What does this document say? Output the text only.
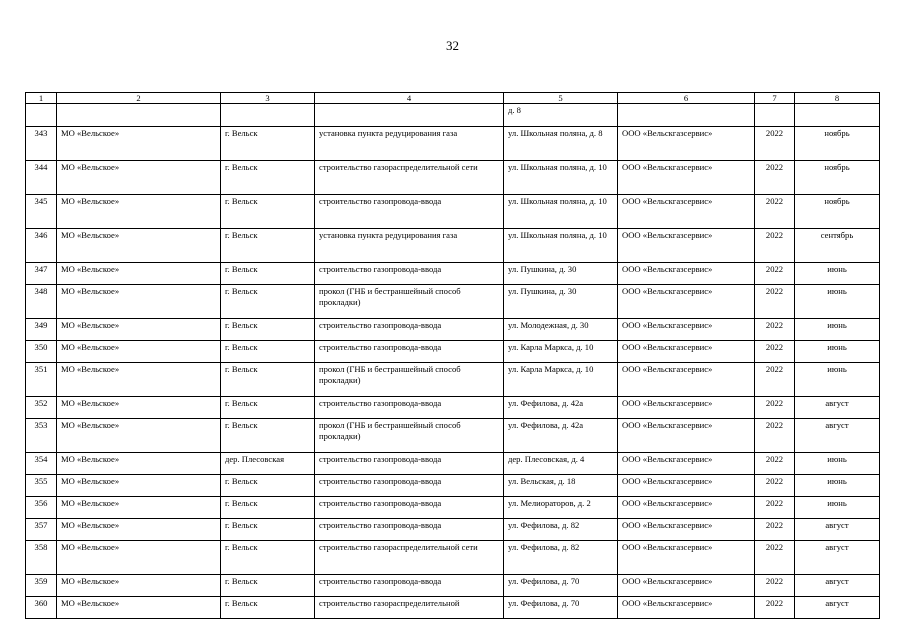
32
1	2	3	4	5	6	7	8
				д. 8			
343	МО «Вельское»	г. Вельск	установка пункта редуцирования газа	ул. Школьная поляна, д. 8	ООО «Вельскгазсервис»	2022	ноябрь
344	МО «Вельское»	г. Вельск	строительство газораспределительной сети	ул. Школьная поляна, д. 10	ООО «Вельскгазсервис»	2022	ноябрь
345	МО «Вельское»	г. Вельск	строительство газопровода-ввода	ул. Школьная поляна, д. 10	ООО «Вельскгазсервис»	2022	ноябрь
346	МО «Вельское»	г. Вельск	установка пункта редуцирования газа	ул. Школьная поляна, д. 10	ООО «Вельскгазсервис»	2022	сентябрь
347	МО «Вельское»	г. Вельск	строительство газопровода-ввода	ул. Пушкина, д. 30	ООО «Вельскгазсервис»	2022	июнь
348	МО «Вельское»	г. Вельск	прокол (ГНБ и бестраншейный способ прокладки)	ул. Пушкина, д. 30	ООО «Вельскгазсервис»	2022	июнь
349	МО «Вельское»	г. Вельск	строительство газопровода-ввода	ул. Молодежная, д. 30	ООО «Вельскгазсервис»	2022	июнь
350	МО «Вельское»	г. Вельск	строительство газопровода-ввода	ул. Карла Маркса, д. 10	ООО «Вельскгазсервис»	2022	июнь
351	МО «Вельское»	г. Вельск	прокол (ГНБ и бестраншейный способ прокладки)	ул. Карла Маркса, д. 10	ООО «Вельскгазсервис»	2022	июнь
352	МО «Вельское»	г. Вельск	строительство газопровода-ввода	ул. Фефилова, д. 42а	ООО «Вельскгазсервис»	2022	август
353	МО «Вельское»	г. Вельск	прокол (ГНБ и бестраншейный способ прокладки)	ул. Фефилова, д. 42а	ООО «Вельскгазсервис»	2022	август
354	МО «Вельское»	дер. Плесовская	строительство газопровода-ввода	дер. Плесовская, д. 4	ООО «Вельскгазсервис»	2022	июнь
355	МО «Вельское»	г. Вельск	строительство газопровода-ввода	ул. Вельская, д. 18	ООО «Вельскгазсервис»	2022	июнь
356	МО «Вельское»	г. Вельск	строительство газопровода-ввода	ул. Мелиораторов, д. 2	ООО «Вельскгазсервис»	2022	июнь
357	МО «Вельское»	г. Вельск	строительство газопровода-ввода	ул. Фефилова, д. 82	ООО «Вельскгазсервис»	2022	август
358	МО «Вельское»	г. Вельск	строительство газораспределительной сети	ул. Фефилова, д. 82	ООО «Вельскгазсервис»	2022	август
359	МО «Вельское»	г. Вельск	строительство газопровода-ввода	ул. Фефилова, д. 70	ООО «Вельскгазсервис»	2022	август
360	МО «Вельское»	г. Вельск	строительство газораспределительной	ул. Фефилова, д. 70	ООО «Вельскгазсервис»	2022	август
